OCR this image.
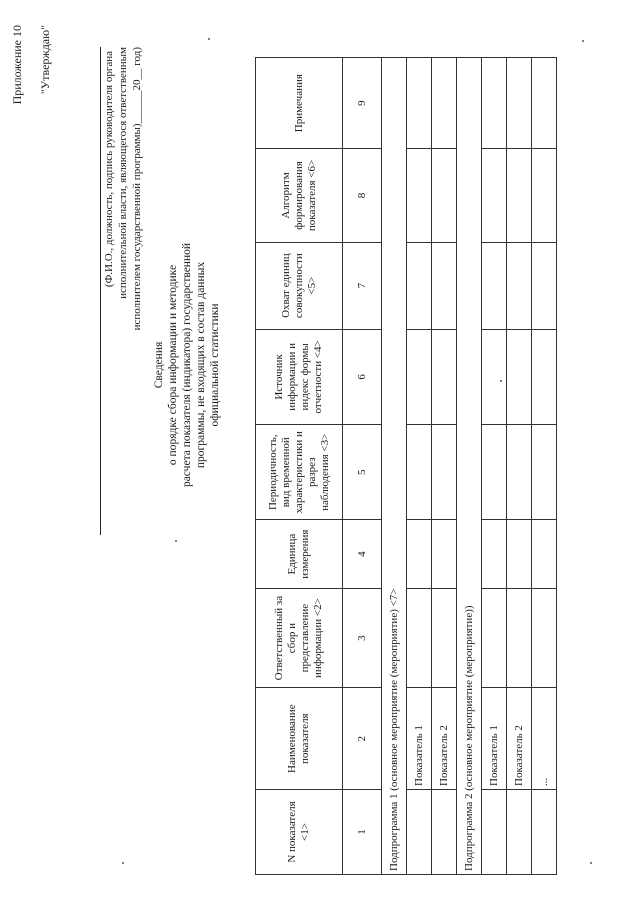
Приложение 10 "Утверждаю"	(Ф.И.О., должность, подпись руководителя органа исполнительной власти, являющегося ответственным исполнителем государственной программы)______20__ год)
Сведения о порядке сбора информации и методике расчета показателя (индикатора) государственной программы, не входящих в состав данных официальной статистики
N показателя <1>	Наименование показателя	Ответственный за сбор и представление информации <2>	Единица измерения	Периодичность, вид временной характеристики и разрез наблюдения <3>	Источник информации и индекс формы отчетности <4>	Охват единиц совокупности <5>	Алгоритм формирования показателя <6>	Примечания
1	2	3	4	5	6	7	8	9
Подпрограмма 1 (основное мероприятие (мероприятие) <7>								
	Показатель 1							
	Показатель 2							
Подпрограмма 2 (основное мероприятие (мероприятие))								
	Показатель 1							
	Показатель 2							
	...							
